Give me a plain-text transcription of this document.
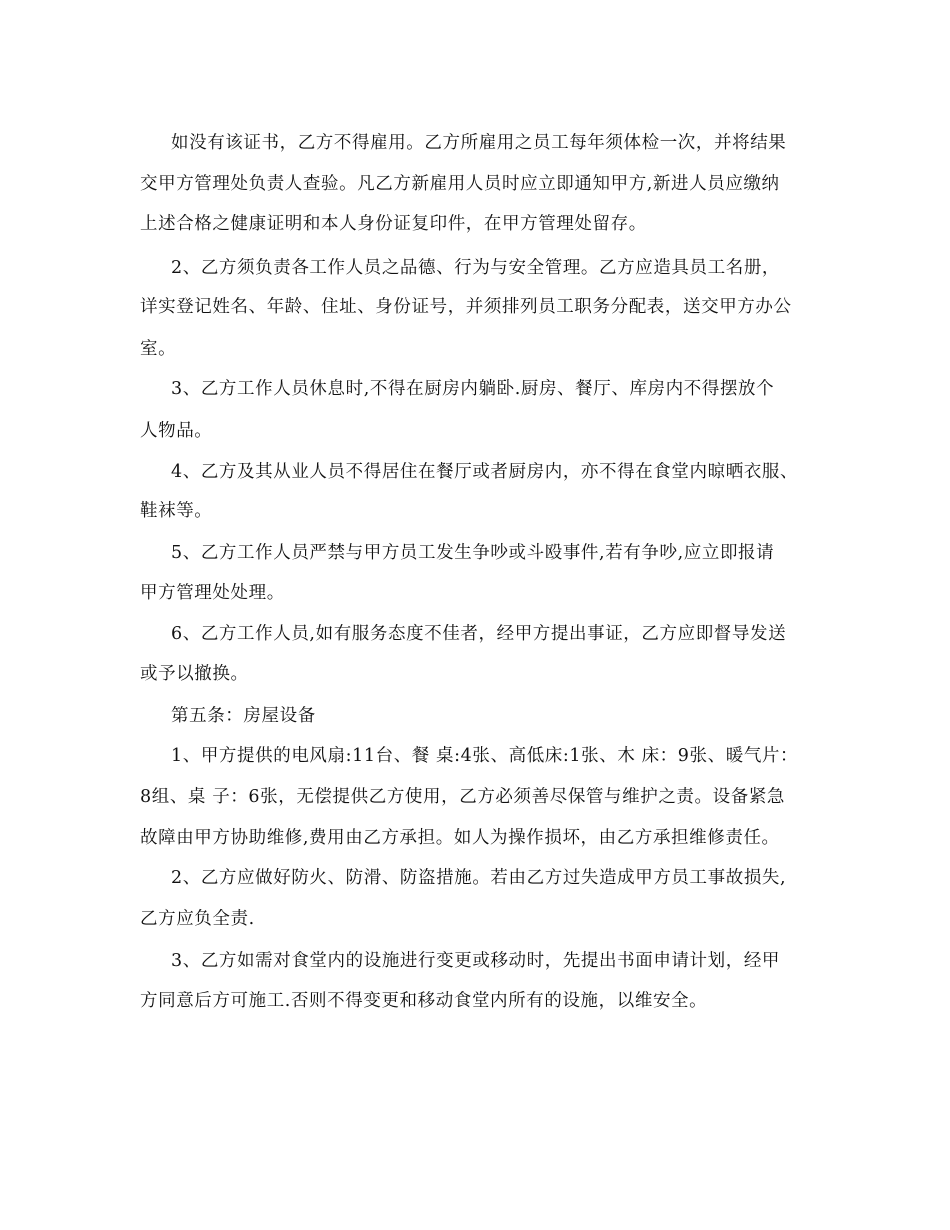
如没有该证书，乙方不得雇用。乙方所雇用之员工每年须体检一次，并将结果
交甲方管理处负责人查验。凡乙方新雇用人员时应立即通知甲方,新进人员应缴纳
上述合格之健康证明和本人身份证复印件，在甲方管理处留存。
2、乙方须负责各工作人员之品德、行为与安全管理。乙方应造具员工名册，
详实登记姓名、年龄、住址、身份证号，并须排列员工职务分配表，送交甲方办公
室。
3、乙方工作人员休息时,不得在厨房内躺卧.厨房、餐厅、库房内不得摆放个
人物品。
4、乙方及其从业人员不得居住在餐厅或者厨房内，亦不得在食堂内晾晒衣服、
鞋袜等。
5、乙方工作人员严禁与甲方员工发生争吵或斗殴事件,若有争吵,应立即报请
甲方管理处处理。
6、乙方工作人员,如有服务态度不佳者，经甲方提出事证，乙方应即督导发送
或予以撤换。
第五条：房屋设备
1、甲方提供的电风扇:11台、餐 桌:4张、高低床:1张、木 床：9张、暖气片：
8组、桌 子：6张，无偿提供乙方使用，乙方必须善尽保管与维护之责。设备紧急
故障由甲方协助维修,费用由乙方承担。如人为操作损坏，由乙方承担维修责任。
2、乙方应做好防火、防滑、防盗措施。若由乙方过失造成甲方员工事故损失,
乙方应负全责.
3、乙方如需对食堂内的设施进行变更或移动时，先提出书面申请计划，经甲
方同意后方可施工.否则不得变更和移动食堂内所有的设施，以维安全。
